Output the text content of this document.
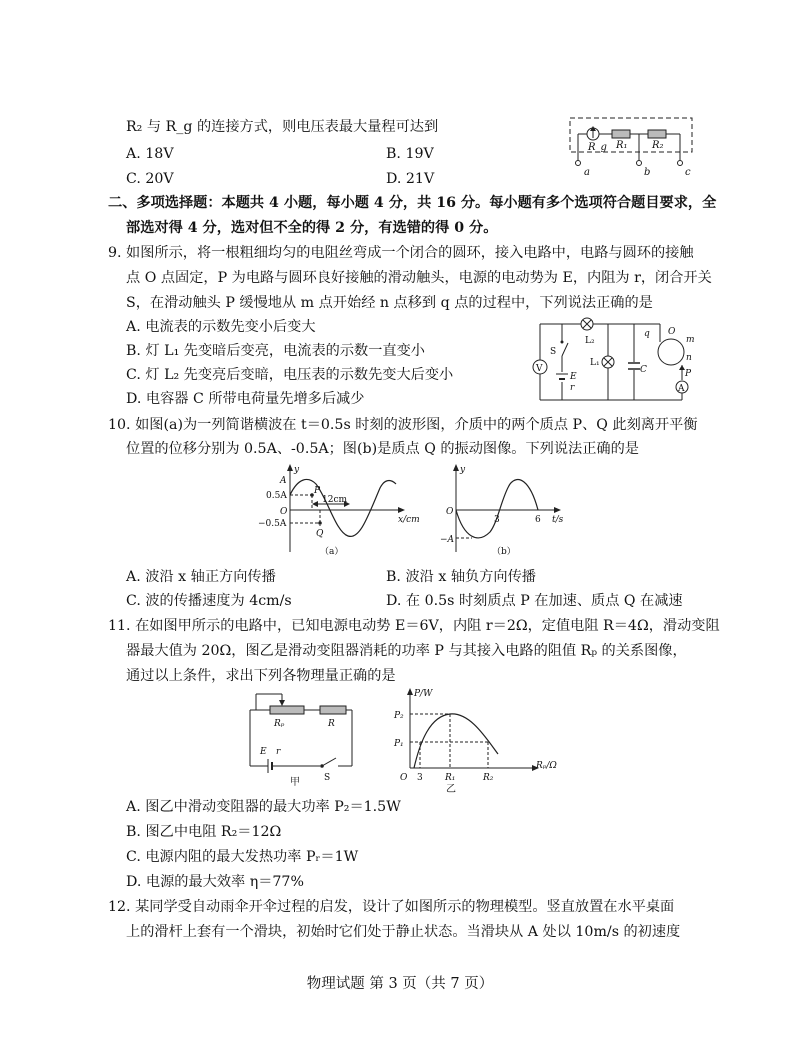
R₂ 与 R_g 的连接方式，则电压表最大量程可达到
A. 18V	B. 19V
C. 20V	D. 21V
R_g R₁ R₂
a	b	c
二、多项选择题：本题共 4 小题，每小题 4 分，共 16 分。每小题有多个选项符合题目要求，全
部选对得 4 分，选对但不全的得 2 分，有选错的得 0 分。
9. 如图所示，将一根粗细均匀的电阻丝弯成一个闭合的圆环，接入电路中，电路与圆环的接触
点 O 点固定，P 为电路与圆环良好接触的滑动触头，电源的电动势为 E，内阻为 r，闭合开关
S，在滑动触头 P 缓慢地从 m 点开始经 n 点移到 q 点的过程中，下列说法正确的是
A. 电流表的示数先变小后变大
B. 灯 L₁ 先变暗后变亮，电流表的示数一直变小
C. 灯 L₂ 先变亮后变暗，电压表的示数先变大后变小
D. 电容器 C 所带电荷量先增多后减少
L₂
L₁
S
V
E
r
C
q O
m
n
P
A
10. 如图(a)为一列简谐横波在 t＝0.5s 时刻的波形图，介质中的两个质点 P、Q 此刻离开平衡
位置的位移分别为 0.5A、-0.5A；图(b)是质点 Q 的振动图像。下列说法正确的是
y
x/cm
A
0.5A
O
−0.5A
P
Q
12cm
（a）
y
t/s
O
−A
3	6
（b）
A. 波沿 x 轴正方向传播	B. 波沿 x 轴负方向传播
C. 波的传播速度为 4cm/s	D. 在 0.5s 时刻质点 P 在加速、质点 Q 在减速
11. 在如图甲所示的电路中，已知电源电动势 E＝6V，内阻 r＝2Ω，定值电阻 R＝4Ω，滑动变阻
器最大值为 20Ω，图乙是滑动变阻器消耗的功率 P 与其接入电路的阻值 Rₚ 的关系图像，
通过以上条件，求出下列各物理量正确的是
Rₚ	R
E r
S
甲
P/W
Rₚ/Ω
P₂
P₁
O 3 R₁	R₂
乙
A. 图乙中滑动变阻器的最大功率 P₂＝1.5W
B. 图乙中电阻 R₂＝12Ω
C. 电源内阻的最大发热功率 Pᵣ＝1W
D. 电源的最大效率 η＝77%
12. 某同学受自动雨伞开伞过程的启发，设计了如图所示的物理模型。竖直放置在水平桌面
上的滑杆上套有一个滑块，初始时它们处于静止状态。当滑块从 A 处以 10m/s 的初速度
物理试题 第 3 页（共 7 页）
